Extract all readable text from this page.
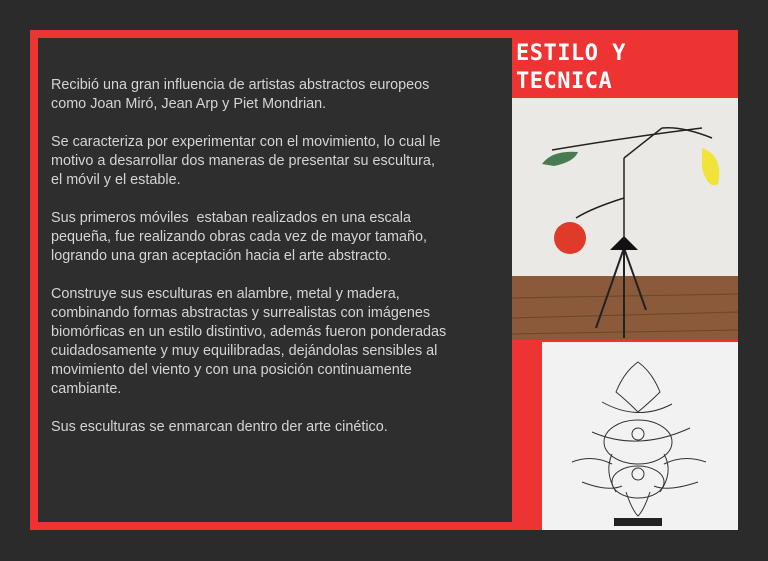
Recibió una gran influencia de artistas abstractos europeos
como Joan Miró, Jean Arp y Piet Mondrian.

Se caracteriza por experimentar con el movimiento, lo cual le
motivo a desarrollar dos maneras de presentar su escultura,
el móvil y el estable.

Sus primeros móviles  estaban realizados en una escala
pequeña, fue realizando obras cada vez de mayor tamaño,
logrando una gran aceptación hacia el arte abstracto.

Construye sus esculturas en alambre, metal y madera,
combinando formas abstractas y surrealistas con imágenes
biomórficas en un estilo distintivo, además fueron ponderadas
cuidadosamente y muy equilibradas, dejándolas sensibles al
movimiento del viento y con una posición continuamente
cambiante.

Sus esculturas se enmarcan dentro der arte cinético.

ESTILO Y
TECNICA
